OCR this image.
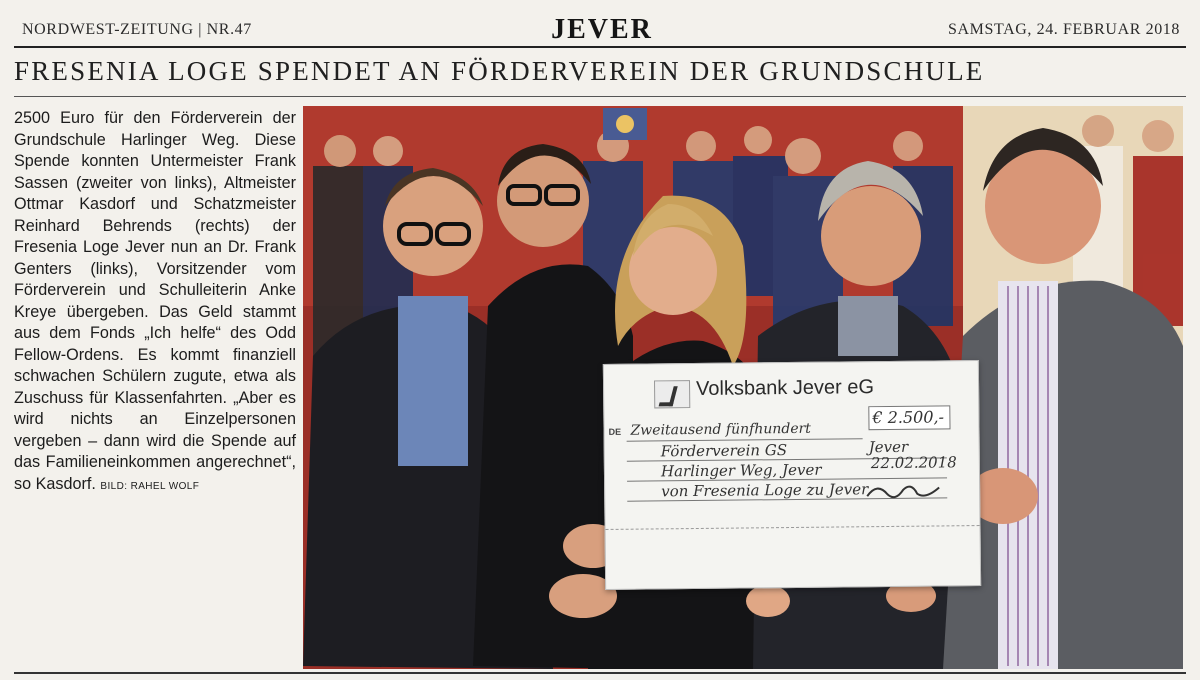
NORDWEST-ZEITUNG | NR.47	JEVER	SAMSTAG, 24. FEBRUAR 2018
FRESENIA LOGE SPENDET AN FÖRDERVEREIN DER GRUNDSCHULE
2500 Euro für den Förderverein der Grundschule Harlinger Weg. Diese Spende konnten Untermeister Frank Sassen (zweiter von links), Altmeister Ottmar Kasdorf und Schatzmeister Reinhard Behrends (rechts) der Fresenia Loge Jever nun an Dr. Frank Genters (links), Vorsitzender vom Förderverein und Schulleiterin Anke Kreye übergeben. Das Geld stammt aus dem Fonds „Ich helfe“ des Odd Fellow-Ordens. Es kommt finanziell schwachen Schülern zugute, etwa als Zuschuss für Klassenfahrten. „Aber es wird nichts an Einzelpersonen vergeben – dann wird die Spende auf das Familieneinkommen angerechnet“, so Kasdorf. BILD: RAHEL WOLF
Volksbank Jever eG
DE Zweitausend fünfhundert
€ 2.500,-
Förderverein GS	Jever
22.02.2018
Harlinger Weg, Jever
von Fresenia Loge zu Jever
